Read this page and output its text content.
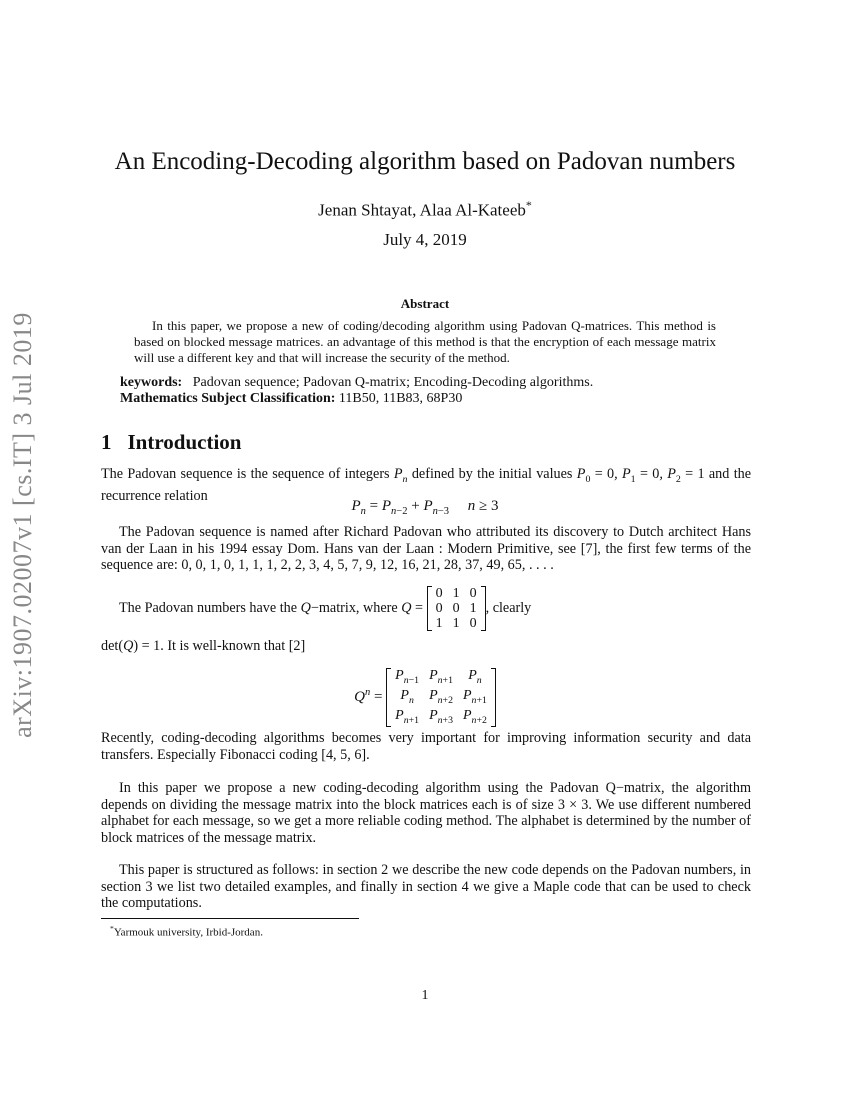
arXiv:1907.02007v1 [cs.IT] 3 Jul 2019
An Encoding-Decoding algorithm based on Padovan numbers
Jenan Shtayat, Alaa Al-Kateeb*
July 4, 2019
Abstract
In this paper, we propose a new of coding/decoding algorithm using Padovan Q-matrices. This method is based on blocked message matrices. an advantage of this method is that the encryption of each message matrix will use a different key and that will increase the security of the method.
keywords: Padovan sequence; Padovan Q-matrix; Encoding-Decoding algorithms.
Mathematics Subject Classification: 11B50, 11B83, 68P30
1 Introduction
The Padovan sequence is the sequence of integers $P_n$ defined by the initial values $P_0 = 0$, $P_1 = 0$, $P_2 = 1$ and the recurrence relation
$P_n = P_{n-2} + P_{n-3}$ n ≥ 3
The Padovan sequence is named after Richard Padovan who attributed its discovery to Dutch architect Hans van der Laan in his 1994 essay Dom. Hans van der Laan : Modern Primitive, see [7], the first few terms of the sequence are: 0, 0, 1, 0, 1, 1, 1, 2, 2, 3, 4, 5, 7, 9, 12, 16, 21, 28, 37, 49, 65, . . . .
The Padovan numbers have the Q−matrix, where Q =
0	1	0
0	0	1
1	1	0
, clearly
det(Q) = 1. It is well-known that [2]
$Q^n$ =
$P_{n-1}$	$P_{n+1}$	$P_n$
$P_n$	$P_{n+2}$	$P_{n+1}$
$P_{n+1}$	$P_{n+3}$	$P_{n+2}$
Recently, coding-decoding algorithms becomes very important for improving information security and data transfers. Especially Fibonacci coding [4, 5, 6].
In this paper we propose a new coding-decoding algorithm using the Padovan Q−matrix, the algorithm depends on dividing the message matrix into the block matrices each is of size 3 × 3. We use different numbered alphabet for each message, so we get a more reliable coding method. The alphabet is determined by the number of block matrices of the message matrix.
This paper is structured as follows: in section 2 we describe the new code depends on the Padovan numbers, in section 3 we list two detailed examples, and finally in section 4 we give a Maple code that can be used to check the computations.
*Yarmouk university, Irbid-Jordan.
1
